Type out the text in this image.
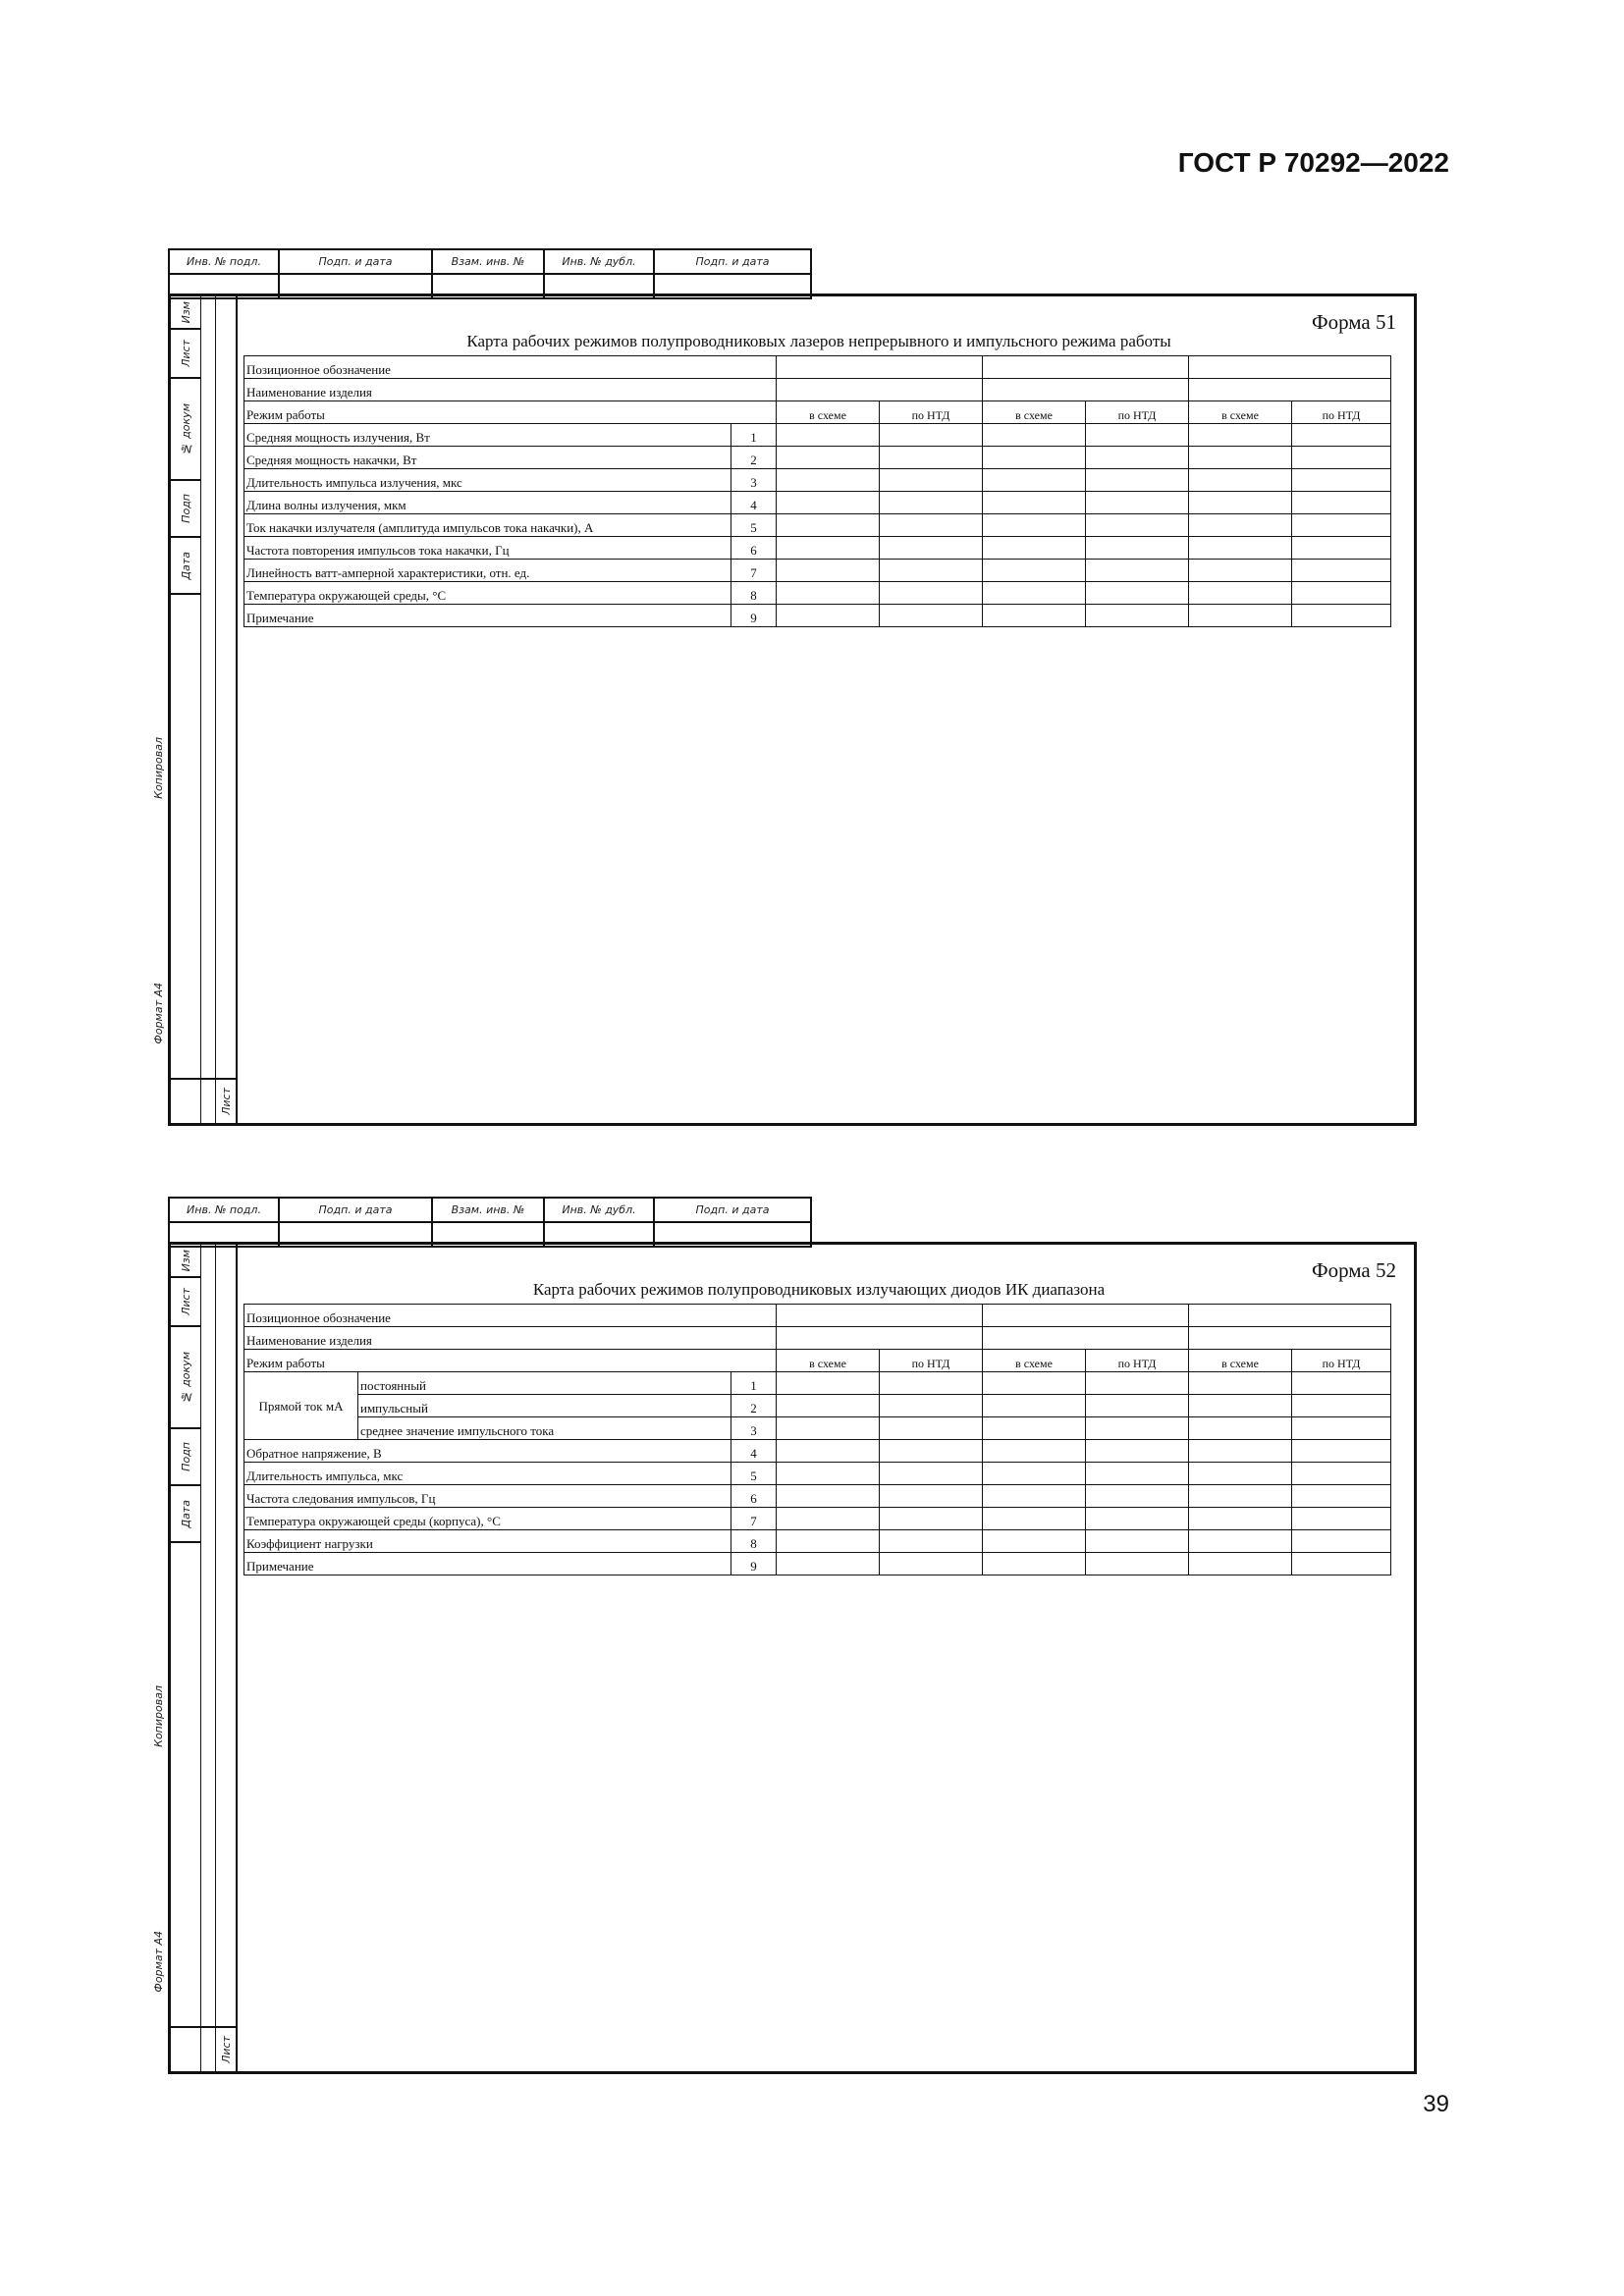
ГОСТ Р 70292—2022
Инв. № подл.	Подп. и дата	Взам. инв. №	Инв. № дубл.	Подп. и дата

Изм
Лист
№ докум
Подп
Дата
Лист
Копировал
Формат А4
Форма 51
Карта рабочих режимов полупроводниковых лазеров непрерывного и импульсного режима работы
Позиционное обозначение							
Наименование изделия							
Режим работы		в схеме	по НТД	в схеме	по НТД	в схеме	по НТД
Средняя мощность излучения, Вт	1						
Средняя мощность накачки, Вт	2						
Длительность импульса излучения, мкс	3						
Длина волны излучения, мкм	4						
Ток накачки излучателя (амплитуда импульсов тока накачки), А	5						
Частота повторения импульсов тока накачки, Гц	6						
Линейность ватт-амперной характеристики, отн. ед.	7						
Температура окружающей среды, °С	8						
Примечание	9						
Инв. № подл.	Подп. и дата	Взам. инв. №	Инв. № дубл.	Подп. и дата

Изм
Лист
№ докум
Подп
Дата
Лист
Копировал
Формат А4
Форма 52
Карта рабочих режимов полупроводниковых излучающих диодов ИК диапазона
Позиционное обозначение								
Наименование изделия								
Режим работы			в схеме	по НТД	в схеме	по НТД	в схеме	по НТД
Прямой ток мА	постоянный	1						
	импульсный	2						
	среднее значение импульсного тока	3						
Обратное напряжение, В		4						
Длительность импульса, мкс		5						
Частота следования импульсов, Гц		6						
Температура окружающей среды (корпуса), °С		7						
Коэффициент нагрузки		8						
Примечание		9						
39
